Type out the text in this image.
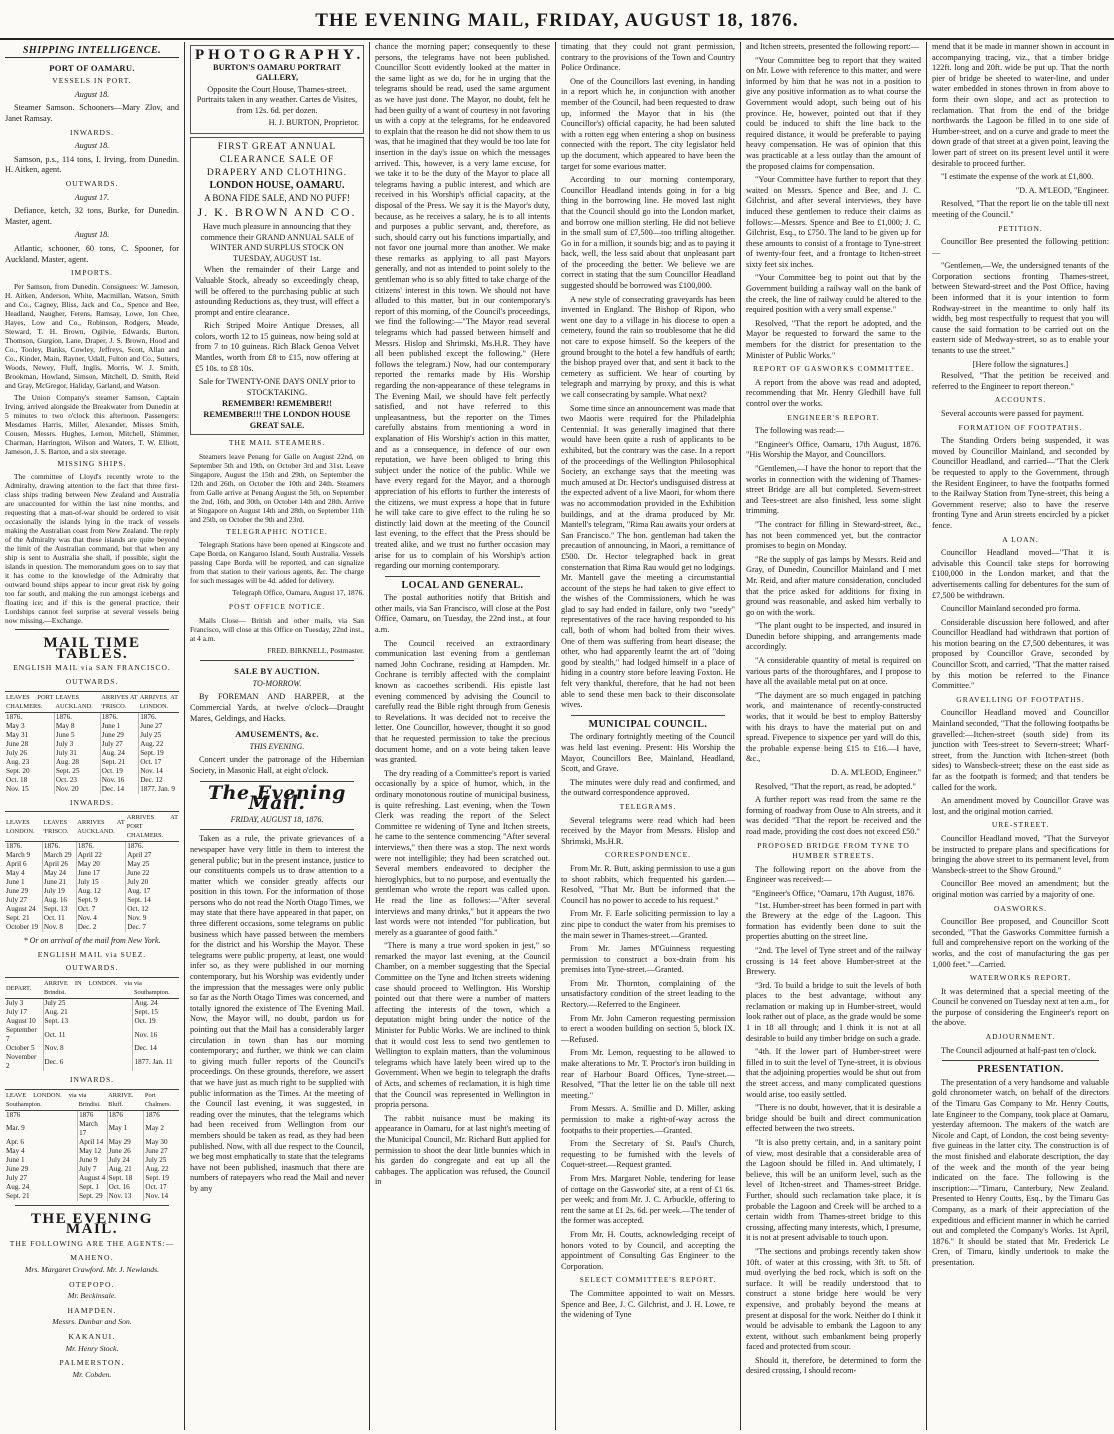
THE EVENING MAIL, FRIDAY, AUGUST 18, 1876.
SHIPPING INTELLIGENCE.
PORT OF OAMARU.
VESSELS IN PORT.
August 18.

Steamer Samson. Schooners—Mary Zlov, and Janet Ramsay.

INWARDS.
August 18.

Samson, p.s., 114 tons, I. Irving, from Dunedin. H. Aitken, agent.

OUTWARDS.
August 17.

Defiance, ketch, 32 tons, Burke, for Dunedin. Master, agent.

August 18.

Atlantic, schooner, 60 tons, C. Spooner, for Auckland. Master, agent.

IMPORTS.

Per Samson, from Dunedin. Consignees: W. Jameson, H. Aitken, Anderson, White, Macmillan, Watson, Smith and Co., Cagney, Bliss, Jack and Co., Spence and Bee, Headland, Naugher, Ferens, Ramsay, Lowe, Ion Chee, Hayes, Low and Co., Robinson, Rodgers, Meade, Steward, T. H. Brown, Ogilvie, Edwards, Burton, Thomson, Gurgion, Lane, Draper, J. S. Brown, Hood and Co., Tooley, Banks, Cowley, Jeffreys, Scott, Allan and Co., Kinder, Main, Rayner, Udall, Fulton and Co., Sutters, Woods, Newey, Fluff, Inglis, Morris, W. J. Smith, Brookman, Howland, Simson, Mitchell, D. Smith, Reid and Gray, McGregor, Haliday, Garland, and Watson.

The Union Company's steamer Samson, Captain Irving, arrived alongside the Breakwater from Dunedin at 5 minutes to two o'clock this afternoon. Passengers: Mesdames Harris, Miller, Alexander, Misses Smith, Cousen, Messrs. Hughes, Lemon, Mitchell, Shimmer, Charman, Harrington, Wilson and Waters, T. W. Elliott, Jameson, J. S. Barton, and a six steerage.

MISSING SHIPS.

The committee of Lloyd's recently wrote to the Admiralty, drawing attention to the fact that three first-class ships trading between New Zealand and Australia are unaccounted for within the last nine months, and requesting that a man-of-war should be ordered to visit occasionally the islands lying in the track of vessels making the Australian coast from New Zealand. The reply of the Admiralty was that these islands are quite beyond the limit of the Australian command, but that when any ship is sent to Australia she shall, if possible, sight the islands in question. The memorandum goes on to say that it has come to the knowledge of the Admiralty that outward bound ships appear to incur great risk by going too far south, and making the run amongst icebergs and floating ice; and if this is the general practice, their Lordships cannot feel surprise at several vessels being now missing.—Exchange.

MAIL TIME TABLES.
ENGLISH MAIL via SAN FRANCISCO.
OUTWARDS.
LEAVES PORT CHALMERS.	LEAVES AUCKLAND.	ARRIVES AT 'FRISCO.	ARRIVES AT LONDON.
1876.	1876.	1876.	1876.
May 3	May 8	June 1	June 27
May 31	June 5	June 29	July 25
June 28	July 3	July 27	Aug. 22
July 26	July 31	Aug. 24	Sept. 19
Aug. 23	Aug. 28	Sept. 21	Oct. 17
Sept. 20	Sept. 25	Oct. 19	Nov. 14
Oct. 18	Oct. 23	Nov. 16	Dec. 12
Nov. 15	Nov. 20	Dec. 14	1877. Jan. 9
INWARDS.
LEAVES LONDON.	LEAVES 'FRISCO.	ARRIVES AT AUCKLAND.	ARRIVES AT PORT CHALMERS.
1876.	1876.	1876.	1876.
March 9	March 29	April 22	April 27
April 6	April 26	May 20	May 25
May 4	May 24	June 17	June 22
June 1	June 21	July 15	July 20
June 29	July 19	Aug. 12	Aug. 17
July 27	Aug. 16	Sept. 9	Sept. 14
August 24	Sept. 13	Oct. 7	Oct. 12
Sept. 21	Oct. 11	Nov. 4	Nov. 9
October 19	Nov. 8	Dec. 2	Dec. 7
* Or on arrival of the mail from New York.
ENGLISH MAIL via SUEZ.
OUTWARDS.
DEPART.	ARRIVE IN LONDON. via Brindisi.	via Southampton.
July 3	July 25	Aug. 24
July 17	Aug. 21	Sept. 15
August 10	Sept. 13	Oct. 19
September 7	Oct. 11	Nov. 16
October 5	Nov. 8	Dec. 14
November 2	Dec. 6	1877. Jan. 11
INWARDS.
LEAVE LONDON. via Southampton.	via Brindisi.	ARRIVE. Bluff.	Port Chalmers.
1876	1876	1876	1876
Mar. 9	March 17	May 1	May 2
Apr. 6	April 14	May 29	May 30
May 4	May 12	June 26	June 27
June 1	June 9	July 24	July 25
June 29	July 7	Aug. 21	Aug. 22
July 27	August 4	Sept. 18	Sept. 19
Aug. 24	Sept. 1	Oct. 16	Oct. 17
Sept. 21	Sept. 29	Nov. 13	Nov. 14
THE EVENING MAIL.
THE FOLLOWING ARE THE AGENTS:—
MAHENO.
Mrs. Margaret Crawford. Mr. J. Newlands.
OTEPOPO.
Mr. Beckinsale.
HAMPDEN.
Messrs. Dunbar and Son.
KAKANUI.
Mr. Henry Stock.
PALMERSTON.
Mr. Cobden.
PHOTOGRAPHY.

BURTON'S OAMARU PORTRAIT GALLERY,

Opposite the Court House, Thames-street. Portraits taken in any weather. Cartes de Visites, from 12s. 6d. per dozen.

H. J. BURTON, Proprietor.

FIRST GREAT ANNUAL CLEARANCE SALE OF DRAPERY AND CLOTHING.

LONDON HOUSE, OAMARU.

A BONA FIDE SALE, AND NO PUFF!

J. K. BROWN AND CO.

Have much pleasure in announcing that they commence their GRAND ANNUAL SALE of WINTER AND SURPLUS STOCK ON TUESDAY, AUGUST 1st.

When the remainder of their Large and Valuable Stock, already so exceedingly cheap, will be offered to the purchasing public at such astounding Reductions as, they trust, will effect a prompt and entire clearance.

Rich Striped Moire Antique Dresses, all colors, worth 12 to 15 guineas, now being sold at from 7 to 10 guineas. Rich Black Genoa Velvet Mantles, worth from £8 to £15, now offering at £5 10s. to £8 10s.

Sale for TWENTY-ONE DAYS ONLY prior to STOCKTAKING.

REMEMBER! REMEMBER!! REMEMBER!!! THE LONDON HOUSE GREAT SALE.

THE MAIL STEAMERS.

Steamers leave Penang for Galle on August 22nd, on September 5th and 19th, on October 3rd and 31st. Leave Singapore, August the 15th and 29th, on September the 12th and 26th, on October the 10th and 24th. Steamers from Galle arrive at Penang August the 5th, on September the 2nd, 16th, and 30th, on October 14th and 28th. Arrive at Singapore on August 14th and 28th, on September 11th and 25th, on October the 9th and 23rd.

TELEGRAPHIC NOTICE.

Telegraph Stations have been opened at Kingscote and Cape Borda, on Kangaroo Island, South Australia. Vessels passing Cape Borda will be reported, and can signalize from that station to their various agents, &c. The charge for such messages will be 4d. added for delivery.

Telegraph Office, Oamaru, August 17, 1876.

POST OFFICE NOTICE.

Mails Close— British and other mails, via San Francisco, will close at this Office on Tuesday, 22nd inst., at 4 a.m.

FRED. BIRKNELL, Postmaster.

SALE BY AUCTION.
TO-MORROW.

By FOREMAN AND HARPER, at the Commercial Yards, at twelve o'clock—Draught Mares, Geldings, and Hacks.

AMUSEMENTS, &c.
THIS EVENING.

Concert under the patronage of the Hibernian Society, in Masonic Hall, at eight o'clock.

The Evening Mail.
FRIDAY, AUGUST 18, 1876.

Taken as a rule, the private grievances of a newspaper have very little in them to interest the general public; but in the present instance, justice to our constituents compels us to draw attention to a matter which we consider greatly affects our position in this town. For the information of those persons who do not read the North Otago Times, we may state that there have appeared in that paper, on three different occasions, some telegrams on public business which have passed between the members for the district and his Worship the Mayor. These telegrams were public property, at least, one would infer so, as they were published in our morning contemporary, but his Worship was evidently under the impression that the messages were only public so far as the North Otago Times was concerned, and totally ignored the existence of The Evening Mail. Now, the Mayor will, no doubt, pardon us for pointing out that the Mail has a considerably larger circulation in town than has our morning contemporary; and further, we think we can claim to giving much fuller reports of the Council's proceedings. On these grounds, therefore, we assert that we have just as much right to be supplied with public information as the Times. At the meeting of the Council last evening, it was suggested, in reading over the minutes, that the telegrams which had been received from Wellington from our members should be taken as read, as they had been published. Now, with all due respect to the Council, we beg most emphatically to state that the telegrams have not been published, inasmuch that there are numbers of ratepayers who read the Mail and never by any

chance the morning paper; consequently to these persons, the telegrams have not been published. Councillor Scott evidently looked at the matter in the same light as we do, for he in urging that the telegrams should be read, used the same argument as we have just done. The Mayor, no doubt, felt he had been guilty of a want of courtesy in not favoring us with a copy at the telegrams, for he endeavored to explain that the reason he did not show them to us was, that he imagined that they would be too late for insertion in the day's issue on which the messages arrived. This, however, is a very lame excuse, for we take it to be the duty of the Mayor to place all telegrams having a public interest, and which are received in his Worship's official capacity, at the disposal of the Press. We say it is the Mayor's duty, because, as he receives a salary, he is to all intents and purposes a public servant, and, therefore, as such, should carry out his functions impartially, and not favor one journal more than another. We make these remarks as applying to all past Mayors generally, and not as intended to point solely to the gentleman who is so ably fitted to take charge of the citizens' interest in this town. We should not have alluded to this matter, but in our contemporary's report of this morning, of the Council's proceedings, we find the following:—"The Mayor read several telegrams which had passed between himself and Messrs. Hislop and Shrimski, Ms.H.R. They have all been published except the following." (Here follows the telegram.) Now, had our contemporary reported the remarks made by His Worship regarding the non-appearance of these telegrams in The Evening Mail, we should have felt perfectly satisfied, and not have referred to this unpleasantness, but the reporter on the Times carefully abstains from mentioning a word in explanation of His Worship's action in this matter, and as a consequence, in defence of our own reputation, we have been obliged to bring this subject under the notice of the public. While we have every regard for the Mayor, and a thorough appreciation of his efforts to further the interests of the citizens, we must express a hope that in future he will take care to give effect to the ruling he so distinctly laid down at the meeting of the Council last evening, to the effect that the Press should be treated alike, and we trust no further occasion may arise for us to complain of his Worship's action regarding our morning contemporary.

LOCAL AND GENERAL.

The postal authorities notify that British and other mails, via San Francisco, will close at the Post Office, Oamaru, on Tuesday, the 22nd inst., at four a.m.

The Council received an extraordinary communication last evening from a gentleman named John Cochrane, residing at Hampden. Mr. Cochrane is terribly affected with the complaint known as cacoethes scribendi. His epistle last evening commenced by advising the Council to carefully read the Bible right through from Genesis to Revelations. It was decided not to receive the letter. One Councillor, however, thought it so good that he requested permission to take the precious document home, and on a vote being taken leave was granted.

The dry reading of a Committee's report is varied occasionally by a spice of humor, which, in the ordinary monotonous routine of municipal business, is quite refreshing. Last evening, when the Town Clerk was reading the report of the Select Committee re widening of Tyne and Itchen streets, he came to the sentence commencing "After several interviews," then there was a stop. The next words were not intelligible; they had been scratched out. Several members endeavored to decipher the hieroglyphics, but to no purpose, and eventually the gentleman who wrote the report was called upon. He read the line as follows:—"After several interviews and many drinks," but it appears the two last words were not intended "for publication, but merely as a guarantee of good faith."

"There is many a true word spoken in jest," so remarked the mayor last evening, at the Council Chamber, on a member suggesting that the Special Committee on the Tyne and Itchen streets widening case should proceed to Wellington. His Worship pointed out that there were a number of matters affecting the interests of the town, which a deputation might bring under the notice of the Minister for Public Works. We are inclined to think that it would cost less to send two gentlemen to Wellington to explain matters, than the voluminous telegrams which have lately been wired up to the Government. When we begin to telegraph the drafts of Acts, and schemes of reclamation, it is high time that the Council was represented in Wellington in propria persona.

The rabbit nuisance must be making its appearance in Oamaru, for at last night's meeting of the Municipal Council, Mr. Richard Butt applied for permission to shoot the dear little bunnies which in his garden do congregate and eat up all the cabbages. The application was refused, the Council in

timating that they could not grant permission, contrary to the provisions of the Town and Country Police Ordinance.

One of the Councillors last evening, in handing in a report which he, in conjunction with another member of the Council, had been requested to draw up, informed the Mayor that in his (the Councillor's) official capacity, he had been saluted with a rotten egg when entering a shop on business connected with the report. The city legislator held up the document, which appeared to have been the target for some evarious matter.

According to our morning contemporary, Councillor Headland intends going in for a big thing in the borrowing line. He moved last night that the Council should go into the London market, and borrow one million sterling. He did not believe in the small sum of £7,500—too trifling altogether. Go in for a million, it sounds big; and as to paying it back, well, the less said about that unpleasant part of the proceeding the better. We believe we are correct in stating that the sum Councillor Headland suggested should be borrowed was £100,000.

A new style of consecrating graveyards has been invented in England. The Bishop of Ripon, who went one day to a village in his diocese to open a cemetery, found the rain so troublesome that he did not care to expose himself. So the keepers of the ground brought to the hotel a few handfuls of earth; the bishop prayed over that, and sent it back to the cemetery as sufficient. We hear of courting by telegraph and marrying by proxy, and this is what we call consecrating by sample. What next?

Some time since an announcement was made that two Maoris were required for the Philadelphia Centennial. It was generally imagined that there would have been quite a rush of applicants to be exhibited, but the contrary was the case. In a report of the proceedings of the Wellington Philosophical Society, an exchange says that the meeting was much amused at Dr. Hector's undisguised distress at the expected advent of a live Maori, for whom there was no accommodation provided in the Exhibition buildings, and at the drama produced by Mr. Mantell's telegram, "Rima Rau awaits your orders at San Francisco." The hon. gentleman had taken the precaution of announcing, in Maori, a remittance of £500. Dr. Hector telegraphed back in great consternation that Rima Rau would get no lodgings. Mr. Mantell gave the meeting a circumstantial account of the steps he had taken to give effect to the wishes of the Commissioners, which he was glad to say had ended in failure, only two "seedy" representatives of the race having responded to his call, both of whom had bolted from their wives. One of them was suffering from heart disease; the other, who had apparently learnt the art of "doing good by stealth," had lodged himself in a place of hiding in a country store before leaving Foxton. He felt very thankful, therefore, that he had not been able to send these men back to their disconsolate wives.

MUNICIPAL COUNCIL.

The ordinary fortnightly meeting of the Council was held last evening. Present: His Worship the Mayor, Councillors Bee, Mainland, Headland, Scott, and Grave.

The minutes were duly read and confirmed, and the outward correspondence approved.

TELEGRAMS.

Several telegrams were read which had been received by the Mayor from Messrs. Hislop and Shrimski, Ms.H.R.

CORRESPONDENCE.

From Mr. R. Butt, asking permission to use a gun to shoot rabbits, which frequented his garden.—Resolved, "That Mr. Butt be informed that the Council has no power to accede to his request."

From Mr. F. Earle soliciting permission to lay a zinc pipe to conduct the water from his premises to the main sewer in Thames-street.—Granted.

From Mr. James M'Guinness requesting permission to construct a box-drain from his premises into Tyne-street.—Granted.

From Mr. Thornton, complaining of the unsatisfactory condition of the street leading to the Rectory.—Referred to the Engineer.

From Mr. John Cameron requesting permission to erect a wooden building on section 5, block IX.—Refused.

From Mr. Lemon, requesting to be allowed to make alterations to Mr. T. Proctor's iron building in rear of Harbour Board Offices, Tyne-street.—Resolved, "That the letter lie on the table till next meeting."

From Messrs. A. Smillie and D. Miller, asking permission to make a right-of-way across the footpaths to their properties.—Granted.

From the Secretary of St. Paul's Church, requesting to be furnished with the levels of Coquet-street.—Request granted.

From Mrs. Margaret Noble, tendering for lease of cottage on the Gasworks' site, at a rent of £1 6s. per week; and from Mr. J. C. Arbuckle, offering to rent the same at £1 2s. 6d. per week.—The tender of the former was accepted.

From Mr. H. Coutts, acknowledging receipt of honors voted to by Council, and accepting the appointment of Consulting Gas Engineer to the Corporation.

SELECT COMMITTEE'S REPORT.

The Committee appointed to wait on Messrs. Spence and Bee, J. C. Gilchrist, and J. H. Lowe, re the widening of Tyne

and Itchen streets, presented the following report:—

"Your Committee beg to report that they waited on Mr. Lowe with reference to this matter, and were informed by him that he was not in a position to give any positive information as to what course the Government would adopt, such being out of his province. He, however, pointed out that if they could be induced to shift the line back to the required distance, it would be preferable to paying heavy compensation. He was of opinion that this was practicable at a less outlay than the amount of the proposed claims for compensation.

"Your Committee have further to report that they waited on Messrs. Spence and Bee, and J. C. Gilchrist, and after several interviews, they have induced these gentlemen to reduce their claims as follows:—Messrs. Spence and Bee to £1,000; J. C. Gilchrist, Esq., to £750. The land to be given up for these amounts to consist of a frontage to Tyne-street of twenty-four feet, and a frontage to Itchen-street sixty feet six inches.

"Your Committee beg to point out that by the Government building a railway wall on the bank of the creek, the line of railway could be altered to the required position with a very small expense."

Resolved, "That the report be adopted, and the Mayor be requested to forward the same to the members for the district for presentation to the Minister of Public Works."

REPORT OF GASWORKS COMMITTEE.

A report from the above was read and adopted, recommending that Mr. Henry Gledhill have full control over the works.

ENGINEER'S REPORT.

The following was read:—

"Engineer's Office, Oamaru, 17th August, 1876. "His Worship the Mayor, and Councillors.

"Gentlemen,—I have the honor to report that the works in connection with the widening of Thames-street Bridge are all but completed. Severn-street and Tees-street are also finished, less some slight trimming.

"The contract for filling in Steward-street, &c., has not been commenced yet, but the contractor promises to begin on Monday.

"Re the supply of gas lamps by Messrs. Reid and Gray, of Dunedin, Councillor Mainland and I met Mr. Reid, and after mature consideration, concluded that the price asked for additions for fixing in ground was reasonable, and asked him verbally to go on with the work.

"The plant ought to be inspected, and insured in Dunedin before shipping, and arrangements made accordingly.

"A considerable quantity of metal is required on various parts of the thoroughfares, and I propose to have all the available metal put on at once.

"The dayment are so much engaged in patching work, and maintenance of recently-constructed works, that it would be best to employ Battersby with his drays to have the material put on and spread. Fivepence to sixpence per yard will do this, the probable expense being £15 to £16.—I have, &c.,

D. A. M'LEOD, Engineer."

Resolved, "That the report, as read, be adopted."

A further report was read from the same re the forming of roadway from Ouse to Aln streets, and it was decided "That the report be received and the road made, providing the cost does not exceed £50."

PROPOSED BRIDGE FROM TYNE TO HUMBER STREETS.

The following report on the above from the Engineer was received:—

"Engineer's Office, "Oamaru, 17th August, 1876.

"1st. Humber-street has been formed in part with the Brewery at the edge of the Lagoon. This formation has evidently been done to suit the properties abutting on the street line.

"2nd. The level of Tyne street and of the railway crossing is 14 feet above Humber-street at the Brewery.

"3rd. To build a bridge to suit the levels of both places to the best advantage, without any reclamation or making up in Humber-street, would look rather out of place, as the grade would be some 1 in 18 all through; and I think it is not at all desirable to build any timber bridge on such a grade.

"4th. If the lower part of Humber-street were filled in to suit the level of Tyne-street, it is obvious that the adjoining properties would be shut out from the street access, and many complicated questions would arise, too easily settled.

"There is no doubt, however, that it is desirable a bridge should be built and direct communication effected between the two streets.

"It is also pretty certain, and, in a sanitary point of view, most desirable that a considerable area of the Lagoon should be filled in. And ultimately, I believe, this will be an uniform level, such as the level of Itchen-street and Thames-street Bridge. Further, should such reclamation take place, it is probable the Lagoon and Creek will be arched to a certain width from Thames-street bridge to this crossing, affecting many interests, which, I presume, it is not at present advisable to touch upon.

"The sections and probings recently taken show 10ft. of water at this crossing, with 3ft. to 5ft. of mud overlying the bed rock, which is soft on the surface. It will be readily understood that to construct a stone bridge here would be very expensive, and probably beyond the means at present at disposal for the work. Neither do I think it would be advisable to embank the Lagoon to any extent, without such embankment being properly faced and protected from scour.

Should it, therefore, be determined to form the desired crossing, I should recom-

mend that it be made in manner shown in account in accompanying tracing, viz., that a timber bridge 122ft. long and 20ft. wide be put up. That the north pier of bridge be sheeted to water-line, and under water embedded in stones thrown in from above to form their own slope, and act as protection to reclamation. That from the end of the bridge northwards the Lagoon be filled in to one side of Humber-street, and on a curve and grade to meet the down grade of that street at a given point, leaving the lower part of street on its present level until it were desirable to proceed further.

"I estimate the expense of the work at £1,800.

"D. A. M'LEOD, "Engineer.

Resolved, "That the report lie on the table till next meeting of the Council."

PETITION.

Councillor Bee presented the following petition:—

"Gentlemen,—We, the undersigned tenants of the Corporation sections fronting Thames-street, between Steward-street and the Post Office, having been informed that it is your intention to form Rodway-street in the meantime to only half its width, beg most respectfully to request that you will cause the said formation to be carried out on the eastern side of Medway-street, so as to enable your tenants to use the street."

[Here follow the signatures.]

Resolved, "That the petition be received and referred to the Engineer to report thereon."

ACCOUNTS.

Several accounts were passed for payment.

FORMATION OF FOOTPATHS.

The Standing Orders being suspended, it was moved by Councillor Mainland, and seconded by Councillor Headland, and carried—"That the Clerk be requested to apply to the Government, through the Resident Engineer, to have the footpaths formed to the Railway Station from Tyne-street, this being a Government reserve; also to have the reserve fronting Tyne and Arun streets encircled by a picket fence.

A LOAN.

Councillor Headland moved—"That it is advisable this Council take steps for borrowing £100,000 in the London market, and that the advertisements calling for debentures for the sum of £7,500 be withdrawn.

Councillor Mainland seconded pro forma.

Considerable discussion here followed, and after Councillor Headland had withdrawn that portion of his motion bearing on the £7,500 debentures, it was proposed by Councillor Grave, seconded by Councillor Scott, and carried, "That the matter raised by this motion be referred to the Finance Committee."

GRAVELLING OF FOOTPATHS.

Councillor Headland moved and Councillor Mainland seconded, "That the following footpaths be gravelled:—Itchen-street (south side) from its junction with Tees-street to Severn-street; Wharf-street, from the Junction with Itchen-street (both sides) to Wansbeck-street; these on the east side as far as the footpath is formed; and that tenders be called for the work.

An amendment moved by Councillor Grave was lost, and the original motion carried.

URE-STREET.

Councillor Headland moved, "That the Surveyor be instructed to prepare plans and specifications for bringing the above street to its permanent level, from Wansbeck-street to the Show Ground."

Councillor Bee moved an amendment; but the original motion was carried by a majority of one.

OASWORKS.

Councillor Bee proposed, and Councillor Scott seconded, "That the Gasworks Committee furnish a full and comprehensive report on the working of the works, and the cost of manufacturing the gas per 1,000 feet."—Carried.

WATERWORKS REPORT.

It was determined that a special meeting of the Council be convened on Tuesday next at ten a.m., for the purpose of considering the Engineer's report on the above.

ADJOURNMENT.

The Council adjourned at half-past ten o'clock.

PRESENTATION.

The presentation of a very handsome and valuable gold chronometer watch, on behalf of the directors of the Timaru Gas Company to Mr. Henry Coutts, late Engineer to the Company, took place at Oamaru, yesterday afternoon. The makers of the watch are Nicole and Capt, of London, the cost being seventy-five guineas in the latter city. The construction is of the most finished and elaborate description, the day of the week and the month of the year being indicated on the face. The following is the inscription:—"Timaru, Canterbury, New Zealand. Presented to Henry Coutts, Esq., by the Timaru Gas Company, as a mark of their appreciation of the expeditious and efficient manner in which he carried out and completed the Company's Works. 1st April, 1876." It should be stated that Mr. Frederick Le Cren, of Timaru, kindly undertook to make the presentation.
